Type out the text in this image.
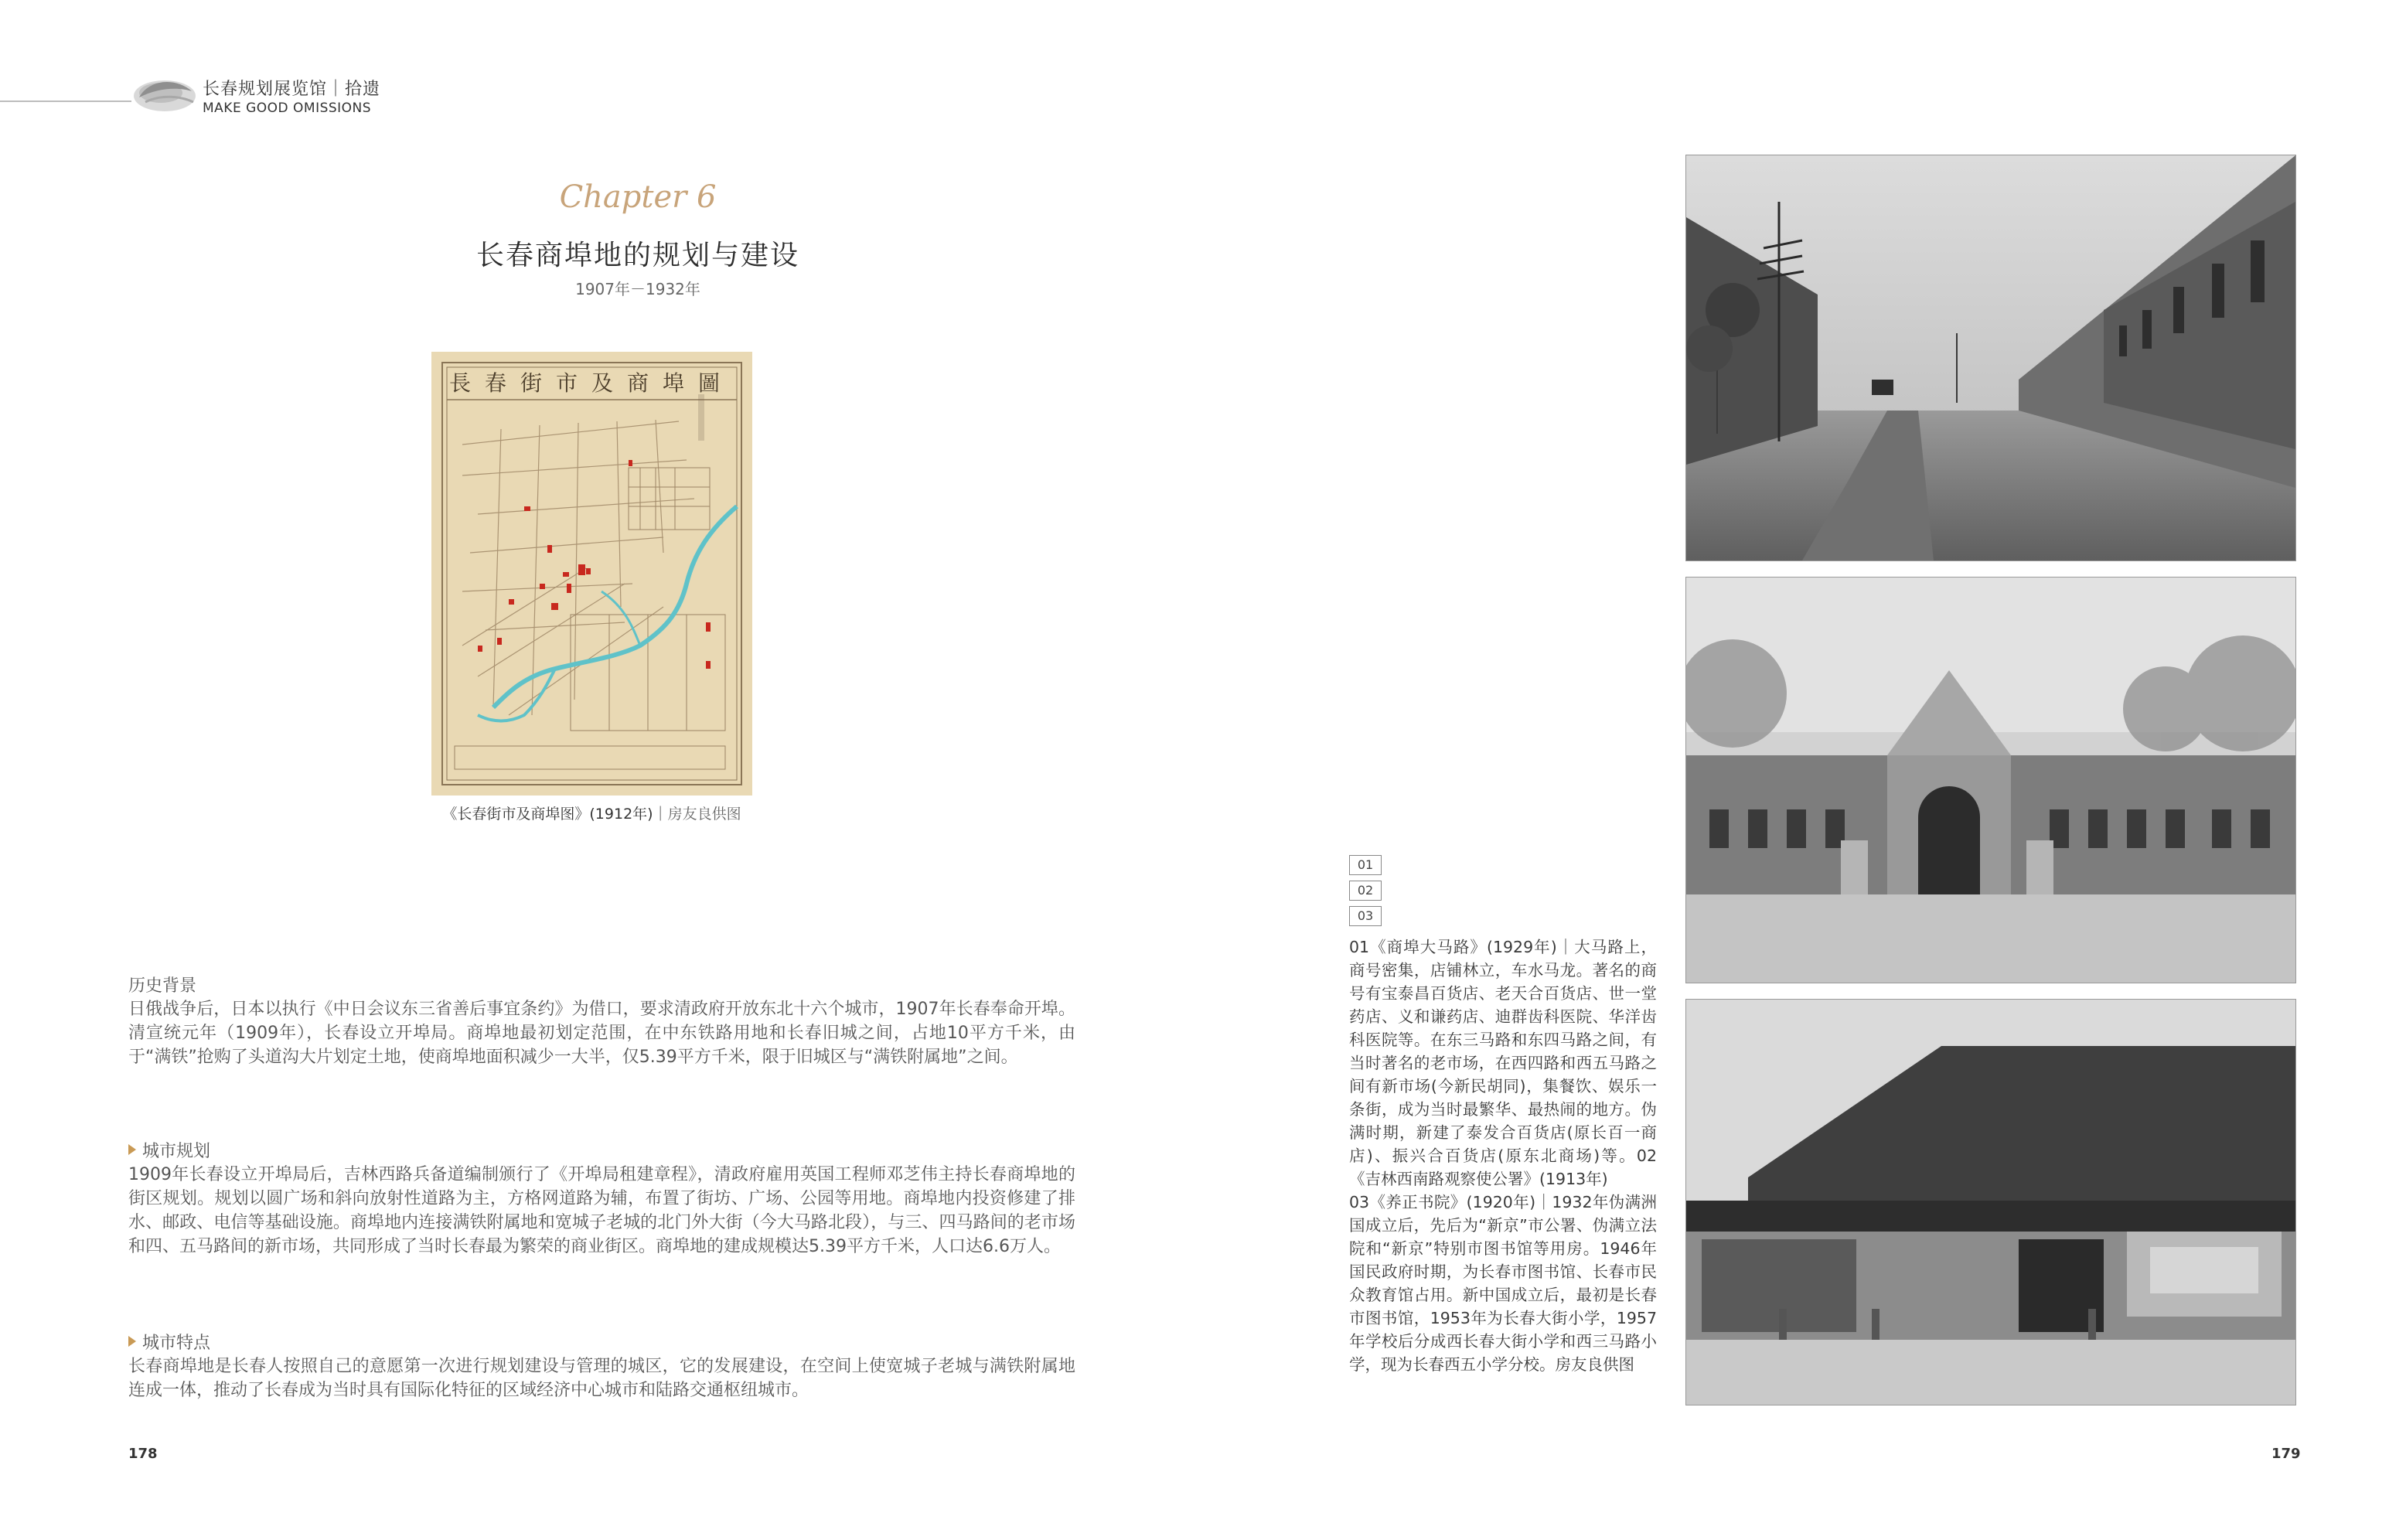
长春规划展览馆｜拾遗
MAKE GOOD OMISSIONS
Chapter 6
长春商埠地的规划与建设
1907年－1932年
長春街市及商埠圖
《长春街市及商埠图》(1912年)｜房友良供图
历史背景
日俄战争后，日本以执行《中日会议东三省善后事宜条约》为借口，要求清政府开放东北十六个城市，1907年长春奉命开埠。清宣统元年（1909年），长春设立开埠局。商埠地最初划定范围，在中东铁路用地和长春旧城之间，占地10平方千米，由于“满铁”抢购了头道沟大片划定土地，使商埠地面积减少一大半，仅5.39平方千米，限于旧城区与“满铁附属地”之间。
城市规划
1909年长春设立开埠局后，吉林西路兵备道编制颁行了《开埠局租建章程》，清政府雇用英国工程师邓芝伟主持长春商埠地的街区规划。规划以圆广场和斜向放射性道路为主，方格网道路为辅，布置了街坊、广场、公园等用地。商埠地内投资修建了排水、邮政、电信等基础设施。商埠地内连接满铁附属地和宽城子老城的北门外大街（今大马路北段），与三、四马路间的老市场和四、五马路间的新市场，共同形成了当时长春最为繁荣的商业街区。商埠地的建成规模达5.39平方千米，人口达6.6万人。
城市特点
长春商埠地是长春人按照自己的意愿第一次进行规划建设与管理的城区，它的发展建设，在空间上使宽城子老城与满铁附属地连成一体，推动了长春成为当时具有国际化特征的区域经济中心城市和陆路交通枢纽城市。
178
01
02
03
01《商埠大马路》(1929年)｜大马路上，商号密集，店铺林立，车水马龙。著名的商号有宝泰昌百货店、老天合百货店、世一堂药店、义和谦药店、迪群齿科医院、华洋齿科医院等。在东三马路和东四马路之间，有当时著名的老市场，在西四路和西五马路之间有新市场(今新民胡同)，集餐饮、娱乐一条街，成为当时最繁华、最热闹的地方。伪满时期，新建了泰发合百货店(原长百一商店)、振兴合百货店(原东北商场)等。02《吉林西南路观察使公署》(1913年)
03《养正书院》(1920年)｜1932年伪满洲国成立后，先后为“新京”市公署、伪满立法院和“新京”特别市图书馆等用房。1946年国民政府时期，为长春市图书馆、长春市民众教育馆占用。新中国成立后，最初是长春市图书馆，1953年为长春大街小学，1957年学校后分成西长春大街小学和西三马路小学，现为长春西五小学分校。房友良供图
179
